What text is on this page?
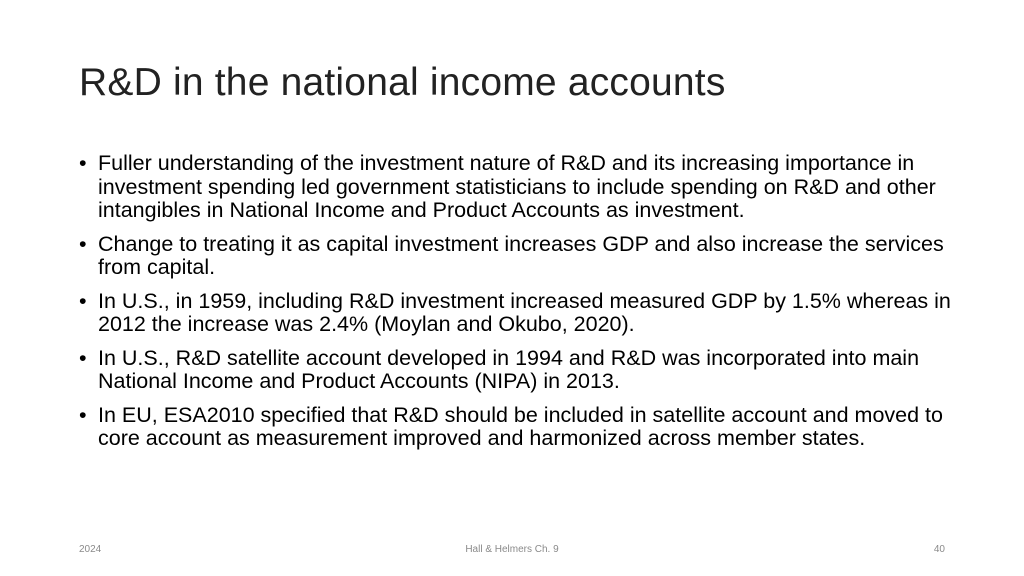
R&D in the national income accounts
• Fuller understanding of the investment nature of R&D and its increasing importance in investment spending led government statisticians to include spending on R&D and other intangibles in National Income and Product Accounts as investment.
• Change to treating it as capital investment increases GDP and also increase the services from capital.
• In U.S., in 1959, including R&D investment increased measured GDP by 1.5% whereas in 2012 the increase was 2.4% (Moylan and Okubo, 2020).
• In U.S., R&D satellite account developed in 1994 and R&D was incorporated into main National Income and Product Accounts (NIPA) in 2013.
• In EU, ESA2010 specified that R&D should be included in satellite account and moved to core account as measurement improved and harmonized across member states.
2024	Hall & Helmers Ch. 9	40
